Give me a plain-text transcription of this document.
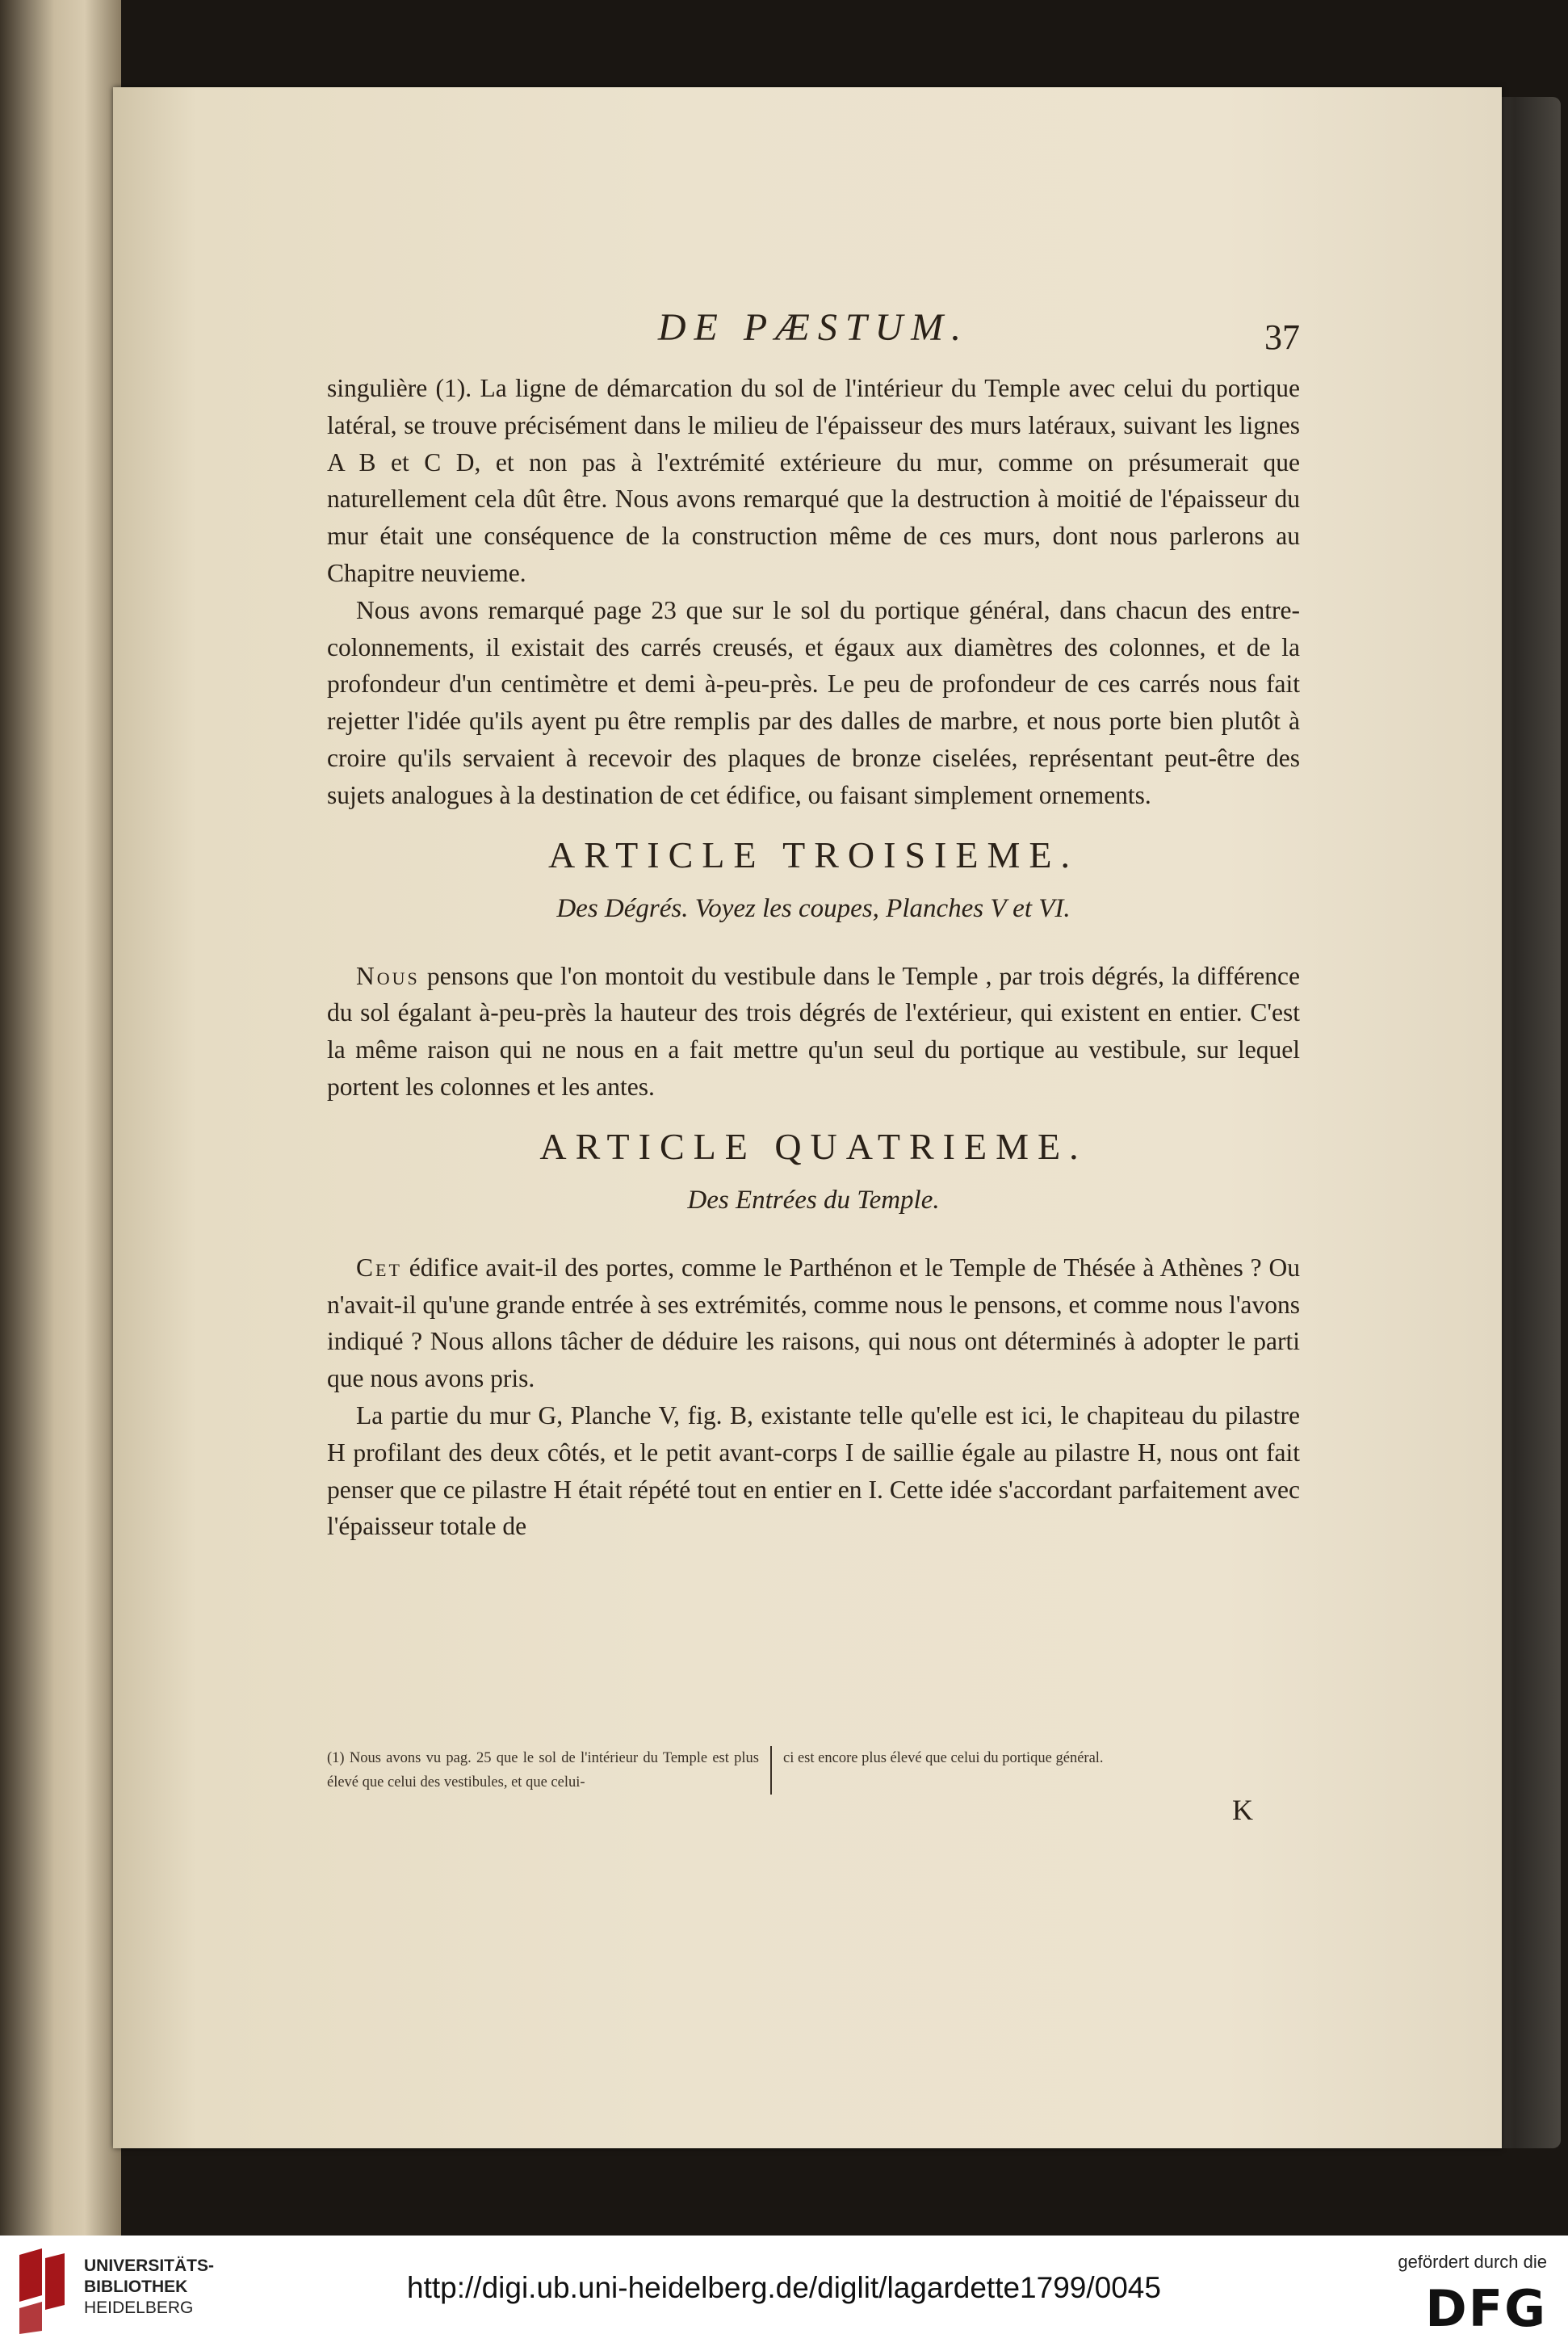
DE PÆSTUM.	37

singulière (1). La ligne de démarcation du sol de l'intérieur du Temple avec celui du portique latéral, se trouve précisément dans le milieu de l'épaisseur des murs latéraux, suivant les lignes A B et C D, et non pas à l'extrémité extérieure du mur, comme on présumerait que naturellement cela dût être. Nous avons remarqué que la destruction à moitié de l'épaisseur du mur était une conséquence de la construction même de ces murs, dont nous parlerons au Chapitre neuvieme.

Nous avons remarqué page 23 que sur le sol du portique général, dans chacun des entre-colonnements, il existait des carrés creusés, et égaux aux diamètres des colonnes, et de la profondeur d'un centimètre et demi à-peu-près. Le peu de profondeur de ces carrés nous fait rejetter l'idée qu'ils ayent pu être remplis par des dalles de marbre, et nous porte bien plutôt à croire qu'ils servaient à recevoir des plaques de bronze ciselées, représentant peut-être des sujets analogues à la destination de cet édifice, ou faisant simplement ornements.

ARTICLE TROISIEME.
Des Dégrés. Voyez les coupes, Planches V et VI.

Nous pensons que l'on montoit du vestibule dans le Temple , par trois dégrés, la différence du sol égalant à-peu-près la hauteur des trois dégrés de l'extérieur, qui existent en entier. C'est la même raison qui ne nous en a fait mettre qu'un seul du portique au vestibule, sur lequel portent les colonnes et les antes.

ARTICLE QUATRIEME.
Des Entrées du Temple.

Cet édifice avait-il des portes, comme le Parthénon et le Temple de Thésée à Athènes ? Ou n'avait-il qu'une grande entrée à ses extrémités, comme nous le pensons, et comme nous l'avons indiqué ? Nous allons tâcher de déduire les raisons, qui nous ont déterminés à adopter le parti que nous avons pris.

La partie du mur G, Planche V, fig. B, existante telle qu'elle est ici, le chapiteau du pilastre H profilant des deux côtés, et le petit avant-corps I de saillie égale au pilastre H, nous ont fait penser que ce pilastre H était répété tout en entier en I. Cette idée s'accordant parfaitement avec l'épaisseur totale de

(1) Nous avons vu pag. 25 que le sol de l'intérieur du Temple est plus élevé que celui des vestibules, et que celui-
ci est encore plus élevé que celui du portique général.
K
UNIVERSITÄTS-
BIBLIOTHEK
HEIDELBERG
http://digi.ub.uni-heidelberg.de/diglit/lagardette1799/0045
gefördert durch die
DFG
